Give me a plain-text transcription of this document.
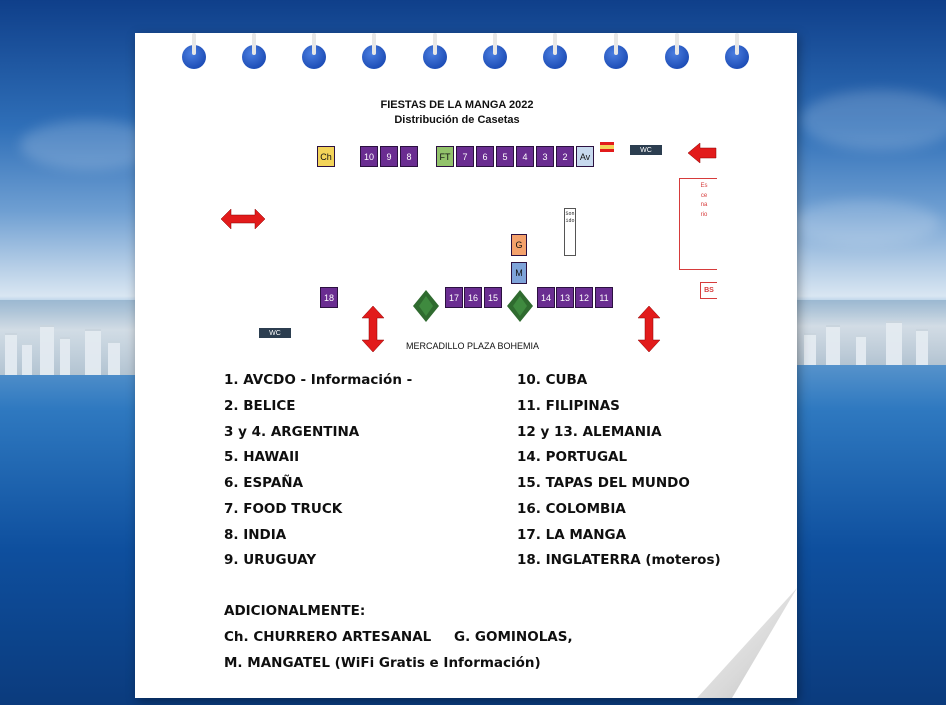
FIESTAS DE LA MANGA 2022
Distribución de Casetas
Ch	10	9	8	FT	7	6	5	4	3	2	Av
WC
Escenario
BS
Sonido
G
M
18	17 16	15	14 13 12	11
WC
MERCADILLO PLAZA BOHEMIA
1. AVCDO - Información -
2. BELICE
3 y 4. ARGENTINA
5. HAWAII
6. ESPAÑA
7. FOOD TRUCK
8. INDIA
9. URUGUAY
10. CUBA
11. FILIPINAS
12 y 13. ALEMANIA
14. PORTUGAL
15. TAPAS DEL MUNDO
16. COLOMBIA
17. LA MANGA
18. INGLATERRA (moteros)
ADICIONALMENTE:
Ch. CHURRERO ARTESANAL G. GOMINOLAS,
M. MANGATEL (WiFi Gratis e Información)
